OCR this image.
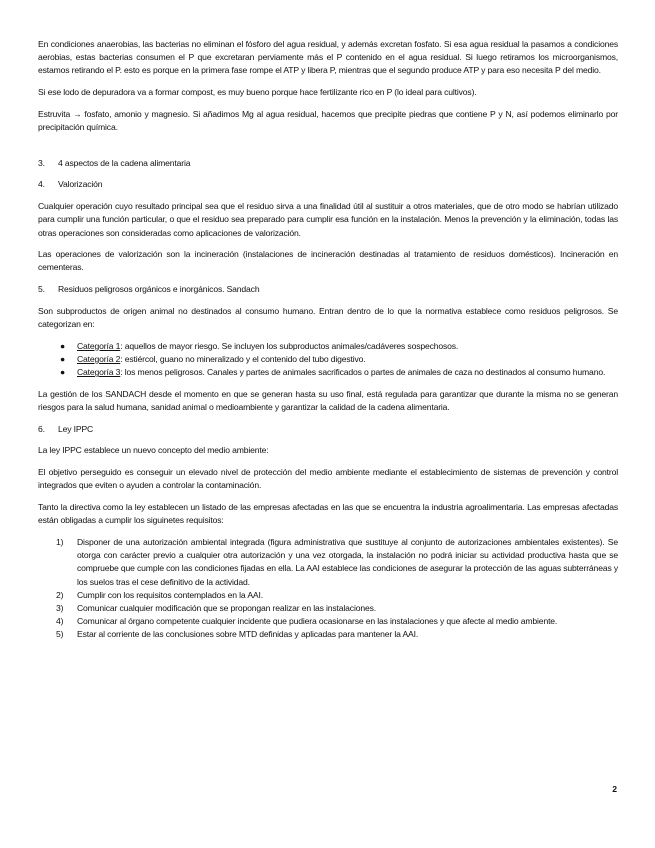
En condiciones anaerobias, las bacterias no eliminan el fósforo del agua residual, y además excretan fosfato. Si esa agua residual la pasamos a condiciones aerobias, estas bacterias consumen el P que excretaran perviamente más el P contenido en el agua residual. Si luego retiramos los microorganismos, estamos retirando el P. esto es porque en la primera fase rompe el ATP y libera P, mientras que el segundo produce ATP y para eso necesita P del medio.

Si ese lodo de depuradora va a formar compost, es muy bueno porque hace fertilizante rico en P (lo ideal para cultivos).

Estruvita → fosfato, amonio y magnesio. Si añadimos Mg al agua residual, hacemos que precipite piedras que contiene P y N, así podemos eliminarlo por precipitación química.

3.	4 aspectos de la cadena alimentaria
4.	Valorización

Cualquier operación cuyo resultado principal sea que el residuo sirva a una finalidad útil al sustituir a otros materiales, que de otro modo se habrían utilizado para cumplir una función particular, o que el residuo sea preparado para cumplir esa función en la instalación. Menos la prevención y la eliminación, todas las otras operaciones son consideradas como aplicaciones de valorización.

Las operaciones de valorización son la incineración (instalaciones de incineración destinadas al tratamiento de residuos domésticos). Incineración en cementeras.

5.	Residuos peligrosos orgánicos e inorgánicos. Sandach

Son subproductos de origen animal no destinados al consumo humano. Entran dentro de lo que la normativa establece como residuos peligrosos. Se categorizan en:

● Categoría 1: aquellos de mayor riesgo. Se incluyen los subproductos animales/cadáveres sospechosos.
● Categoría 2: estiércol, guano no mineralizado y el contenido del tubo digestivo.
● Categoría 3: los menos peligrosos. Canales y partes de animales sacrificados o partes de animales de caza no destinados al consumo humano.

La gestión de los SANDACH desde el momento en que se generan hasta su uso final, está regulada para garantizar que durante la misma no se generan riesgos para la salud humana, sanidad animal o medioambiente y garantizar la calidad de la cadena alimentaria.

6.	Ley IPPC

La ley IPPC establece un nuevo concepto del medio ambiente:

El objetivo perseguido es conseguir un elevado nivel de protección del medio ambiente mediante el establecimiento de sistemas de prevención y control integrados que eviten o ayuden a controlar la contaminación.

Tanto la directiva como la ley establecen un listado de las empresas afectadas en las que se encuentra la industria agroalimentaria. Las empresas afectadas están obligadas a cumplir los siguinetes requisitos:

1) Disponer de una autorización ambiental integrada (figura administrativa que sustituye al conjunto de autorizaciones ambientales existentes). Se otorga con carácter previo a cualquier otra autorización y una vez otorgada, la instalación no podrá iniciar su actividad productiva hasta que se compruebe que cumple con las condiciones fijadas en ella. La AAI establece las condiciones de asegurar la protección de las aguas subterráneas y los suelos tras el cese definitivo de la actividad.
2) Cumplir con los requisitos contemplados en la AAI.
3) Comunicar cualquier modificación que se propongan realizar en las instalaciones.
4) Comunicar al órgano competente cualquier incidente que pudiera ocasionarse en las instalaciones y que afecte al medio ambiente.
5) Estar al corriente de las conclusiones sobre MTD definidas y aplicadas para mantener la AAI.
2
